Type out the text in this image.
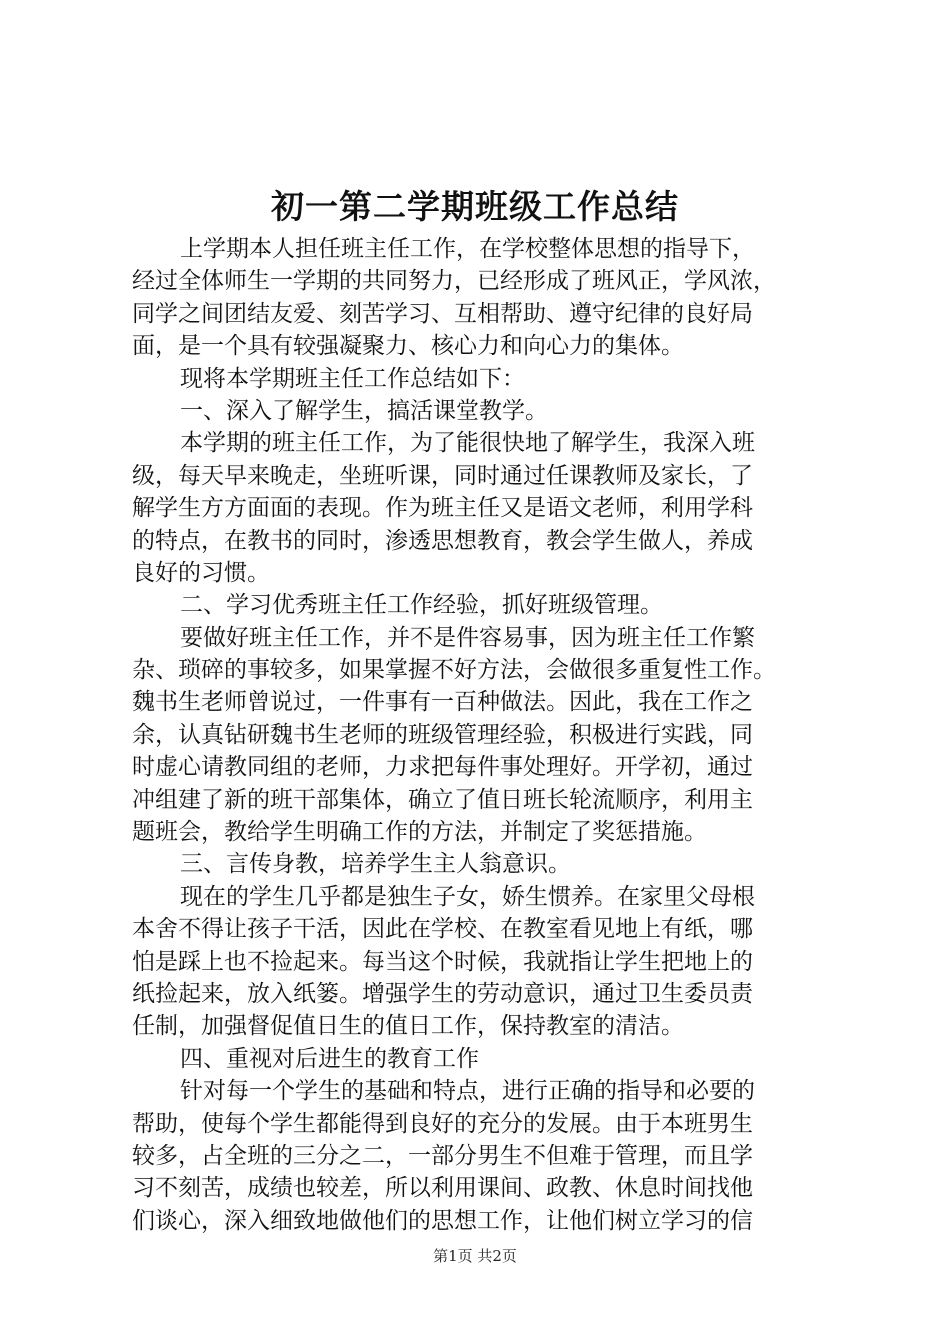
初一第二学期班级工作总结
上学期本人担任班主任工作，在学校整体思想的指导下，
经过全体师生一学期的共同努力，已经形成了班风正，学风浓，
同学之间团结友爱、刻苦学习、互相帮助、遵守纪律的良好局
面，是一个具有较强凝聚力、核心力和向心力的集体。
现将本学期班主任工作总结如下：
一、深入了解学生，搞活课堂教学。
本学期的班主任工作，为了能很快地了解学生，我深入班
级，每天早来晚走，坐班听课，同时通过任课教师及家长，了
解学生方方面面的表现。作为班主任又是语文老师，利用学科
的特点，在教书的同时，渗透思想教育，教会学生做人，养成
良好的习惯。
二、学习优秀班主任工作经验，抓好班级管理。
要做好班主任工作，并不是件容易事，因为班主任工作繁
杂、琐碎的事较多，如果掌握不好方法，会做很多重复性工作。
魏书生老师曾说过，一件事有一百种做法。因此，我在工作之
余，认真钻研魏书生老师的班级管理经验，积极进行实践，同
时虚心请教同组的老师，力求把每件事处理好。开学初，通过
冲组建了新的班干部集体，确立了值日班长轮流顺序，利用主
题班会，教给学生明确工作的方法，并制定了奖惩措施。
三、言传身教，培养学生主人翁意识。
现在的学生几乎都是独生子女，娇生惯养。在家里父母根
本舍不得让孩子干活，因此在学校、在教室看见地上有纸，哪
怕是踩上也不捡起来。每当这个时候，我就指让学生把地上的
纸捡起来，放入纸篓。增强学生的劳动意识，通过卫生委员责
任制，加强督促值日生的值日工作，保持教室的清洁。
四、重视对后进生的教育工作
针对每一个学生的基础和特点，进行正确的指导和必要的
帮助，使每个学生都能得到良好的充分的发展。由于本班男生
较多，占全班的三分之二，一部分男生不但难于管理，而且学
习不刻苦，成绩也较差，所以利用课间、政教、休息时间找他
们谈心，深入细致地做他们的思想工作，让他们树立学习的信
第1页 共2页
